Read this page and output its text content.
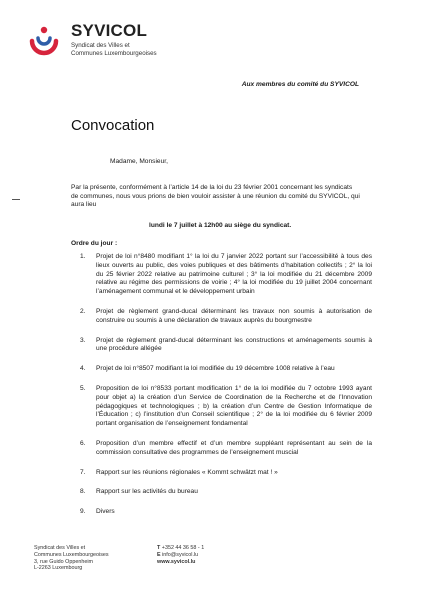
SYVICOL
Syndicat des Villes et
Communes Luxembourgeoises
Aux membres du comité du SYVICOL
Convocation
Madame, Monsieur,
Par la présente, conformément à l’article 14 de la loi du 23 février 2001 concernant les syndicats de communes, nous vous prions de bien vouloir assister à une réunion du comité du SYVICOL, qui aura lieu
lundi le 7 juillet à 12h00 au siège du syndicat.
Ordre du jour :
1.	Projet de loi n°8480 modifiant 1° la loi du 7 janvier 2022 portant sur l’accessibilité à tous des lieux ouverts au public, des voies publiques et des bâtiments d’habitation collectifs ; 2° la loi du 25 février 2022 relative au patrimoine culturel ; 3° la loi modifiée du 21 décembre 2009 relative au régime des permissions de voirie ; 4° la loi modifiée du 19 juillet 2004 concernant l’aménagement communal et le développement urbain
2.	Projet de règlement grand-ducal déterminant les travaux non soumis à autorisation de construire ou soumis à une déclaration de travaux auprès du bourgmestre
3.	Projet de règlement grand-ducal déterminant les constructions et aménagements soumis à une procédure allégée
4.	Projet de loi n°8507 modifiant la loi modifiée du 19 décembre 1008 relative à l’eau
5.	Proposition de loi n°8533 portant modification 1° de la loi modifiée du 7 octobre 1993 ayant pour objet a) la création d’un Service de Coordination de la Recherche et de l’Innovation pédagogiques et technologiques ; b) la création d’un Centre de Gestion Informatique de l’Éducation ; c) l’institution d’un Conseil scientifique ; 2° de la loi modifiée du 6 février 2009 portant organisation de l’enseignement fondamental
6.	Proposition d’un membre effectif et d’un membre suppléant représentant au sein de la commission consultative des programmes de l’enseignement muscial
7.	Rapport sur les réunions régionales « Kommt schwätzt mat ! »
8.	Rapport sur les activités du bureau
9.	Divers
Syndicat des Villes et
Communes Luxembourgeoises
3, rue Guido Oppenheim
L-2263 Luxembourg
T +352 44 36 58 - 1
E info@syvicol.lu
www.syvicol.lu
